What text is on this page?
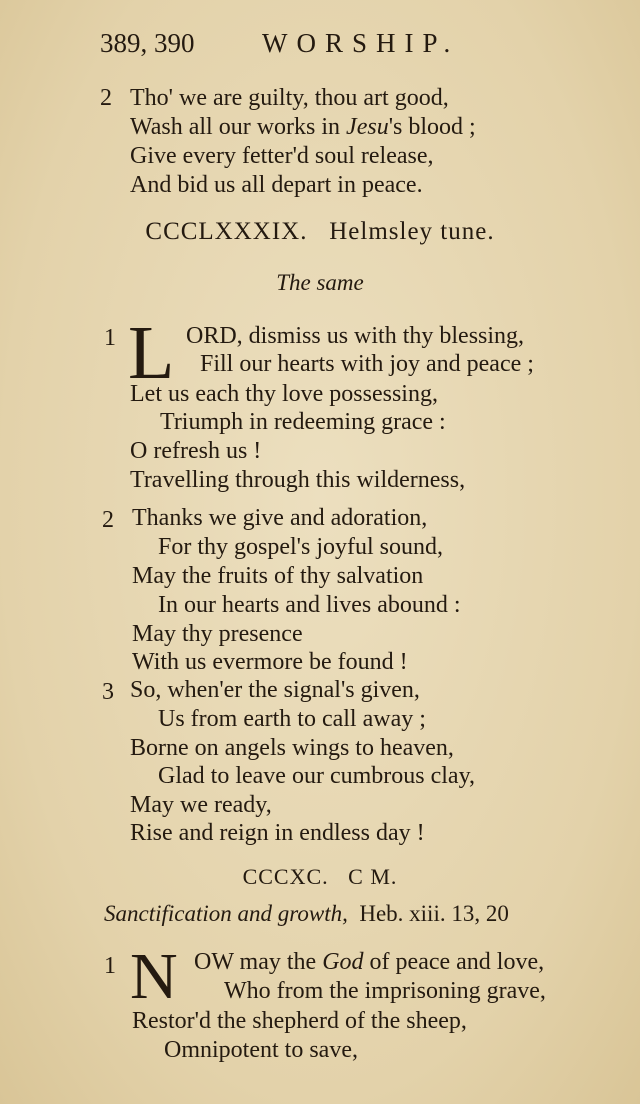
389, 390	WORSHIP.
2 Tho' we are guilty, thou art good,
Wash all our works in Jesu's blood ;
Give every fetter'd soul release,
And bid us all depart in peace.
CCCLXXXIX. Helmsley tune.
The same
1 L ORD, dismiss us with thy blessing,
Fill our hearts with joy and peace ;
Let us each thy love possessing,
Triumph in redeeming grace :
O refresh us !
Travelling through this wilderness,
2 Thanks we give and adoration,
For thy gospel's joyful sound,
May the fruits of thy salvation
In our hearts and lives abound :
May thy presence
With us evermore be found !
3 So, when'er the signal's given,
Us from earth to call away ;
Borne on angels wings to heaven,
Glad to leave our cumbrous clay,
May we ready,
Rise and reign in endless day !
CCCXC. C M.
Sanctification and growth, Heb. xiii. 13, 20
1 N OW may the God of peace and love,
Who from the imprisoning grave,
Restor'd the shepherd of the sheep,
Omnipotent to save,
